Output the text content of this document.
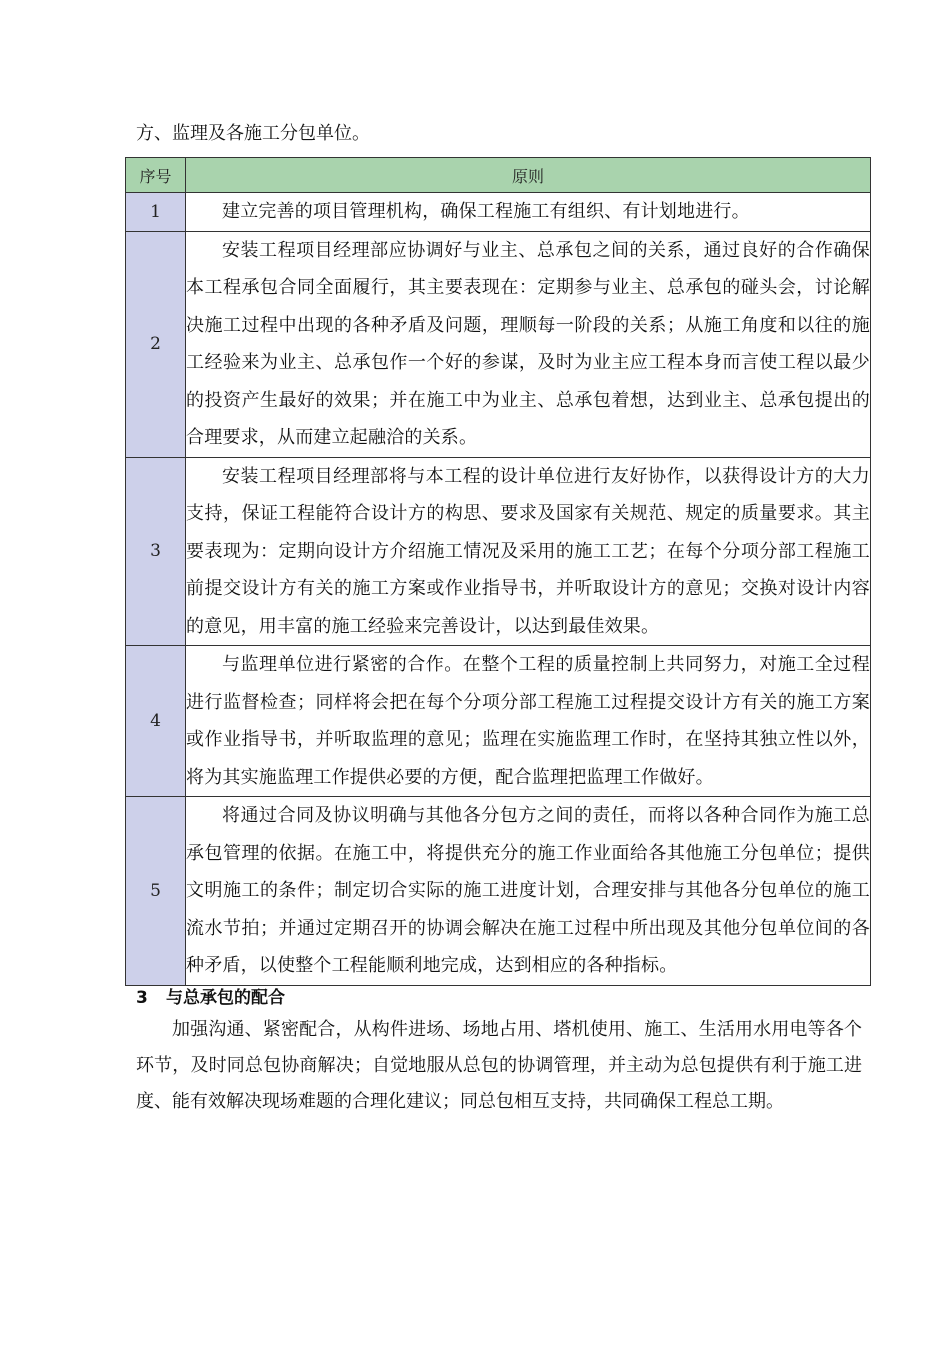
方、监理及各施工分包单位。
序号	原则
1	建立完善的项目管理机构，确保工程施工有组织、有计划地进行。
2	安装工程项目经理部应协调好与业主、总承包之间的关系，通过良好的合作确保本工程承包合同全面履行，其主要表现在：定期参与业主、总承包的碰头会，讨论解决施工过程中出现的各种矛盾及问题，理顺每一阶段的关系；从施工角度和以往的施工经验来为业主、总承包作一个好的参谋，及时为业主应工程本身而言使工程以最少的投资产生最好的效果；并在施工中为业主、总承包着想，达到业主、总承包提出的合理要求，从而建立起融洽的关系。
3	安装工程项目经理部将与本工程的设计单位进行友好协作，以获得设计方的大力支持，保证工程能符合设计方的构思、要求及国家有关规范、规定的质量要求。其主要表现为：定期向设计方介绍施工情况及采用的施工工艺；在每个分项分部工程施工前提交设计方有关的施工方案或作业指导书，并听取设计方的意见；交换对设计内容的意见，用丰富的施工经验来完善设计，以达到最佳效果。
4	与监理单位进行紧密的合作。在整个工程的质量控制上共同努力，对施工全过程进行监督检查；同样将会把在每个分项分部工程施工过程提交设计方有关的施工方案或作业指导书，并听取监理的意见；监理在实施监理工作时，在坚持其独立性以外，将为其实施监理工作提供必要的方便，配合监理把监理工作做好。
5	将通过合同及协议明确与其他各分包方之间的责任，而将以各种合同作为施工总承包管理的依据。在施工中，将提供充分的施工作业面给各其他施工分包单位；提供文明施工的条件；制定切合实际的施工进度计划，合理安排与其他各分包单位的施工流水节拍；并通过定期召开的协调会解决在施工过程中所出现及其他分包单位间的各种矛盾，以使整个工程能顺利地完成，达到相应的各种指标。
3 与总承包的配合
加强沟通、紧密配合，从构件进场、场地占用、塔机使用、施工、生活用水用电等各个环节，及时同总包协商解决；自觉地服从总包的协调管理，并主动为总包提供有利于施工进度、能有效解决现场难题的合理化建议；同总包相互支持，共同确保工程总工期。
